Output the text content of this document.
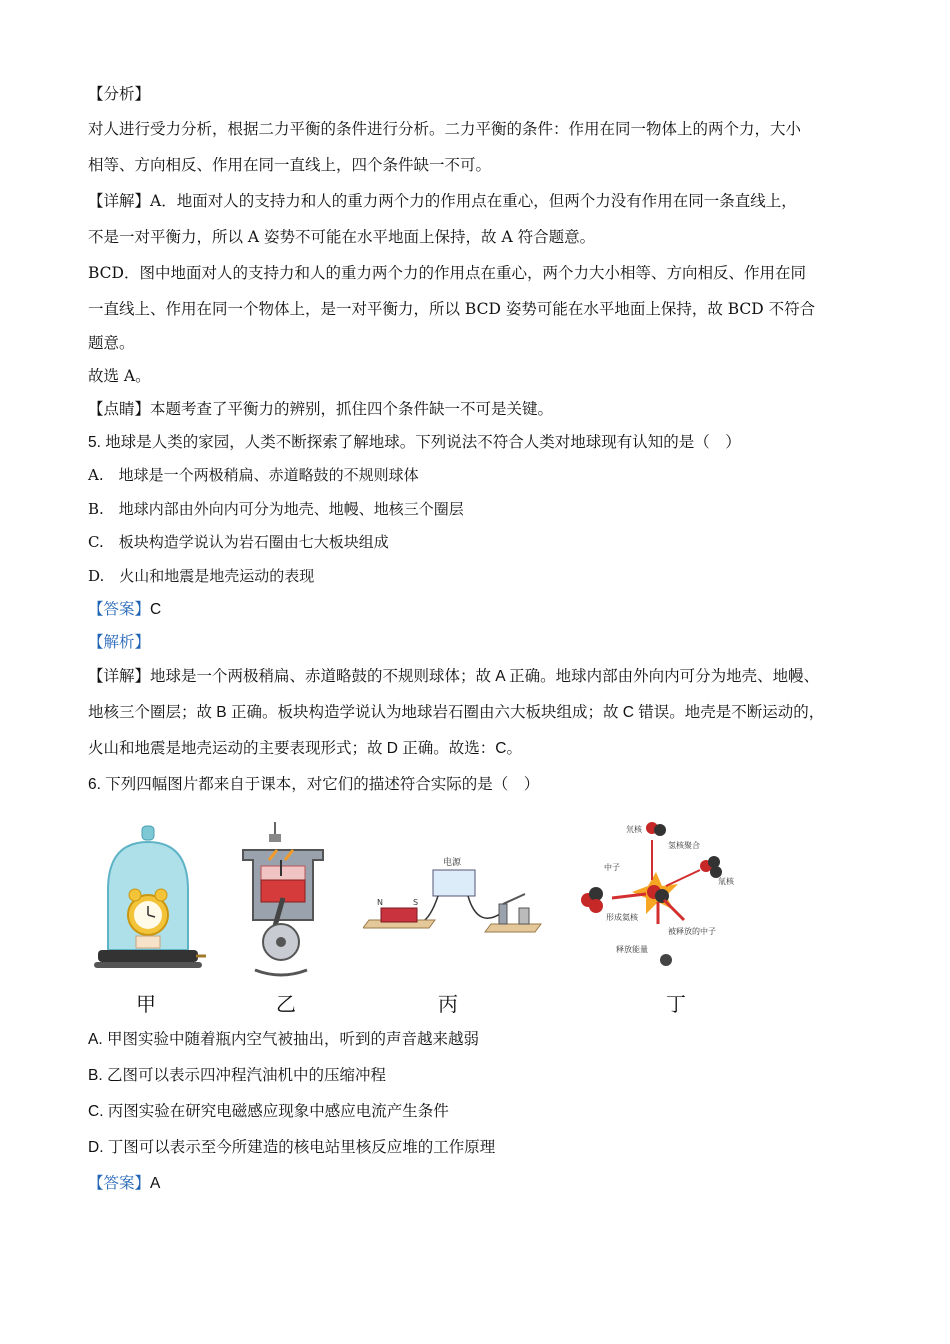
【分析】
对人进行受力分析，根据二力平衡的条件进行分析。二力平衡的条件：作用在同一物体上的两个力，大小
相等、方向相反、作用在同一直线上，四个条件缺一不可。
【详解】A．地面对人的支持力和人的重力两个力的作用点在重心，但两个力没有作用在同一条直线上，
不是一对平衡力，所以 A 姿势不可能在水平地面上保持，故 A 符合题意。
BCD．图中地面对人的支持力和人的重力两个力的作用点在重心，两个力大小相等、方向相反、作用在同
一直线上、作用在同一个物体上，是一对平衡力，所以 BCD 姿势可能在水平地面上保持，故 BCD 不符合
题意。
故选 A。
【点睛】本题考查了平衡力的辨别，抓住四个条件缺一不可是关键。
5. 地球是人类的家园，人类不断探索了解地球。下列说法不符合人类对地球现有认知的是（　）
A.　地球是一个两极稍扁、赤道略鼓的不规则球体
B.　地球内部由外向内可分为地壳、地幔、地核三个圈层
C.　板块构造学说认为岩石圈由七大板块组成
D.　火山和地震是地壳运动的表现
【答案】C
【解析】
【详解】地球是一个两极稍扁、赤道略鼓的不规则球体；故 A 正确。地球内部由外向内可分为地壳、地幔、
地核三个圈层；故 B 正确。板块构造学说认为地球岩石圈由六大板块组成；故 C 错误。地壳是不断运动的，
火山和地震是地壳运动的主要表现形式；故 D 正确。故选：C。
6. 下列四幅图片都来自于课本，对它们的描述符合实际的是（　）
甲	乙
电源
N	S
丙
氘核
氢核聚合
氚核
中子
形成氦核
被释放的中子
释放能量
丁
A. 甲图实验中随着瓶内空气被抽出，听到的声音越来越弱
B. 乙图可以表示四冲程汽油机中的压缩冲程
C. 丙图实验在研究电磁感应现象中感应电流产生条件
D. 丁图可以表示至今所建造的核电站里核反应堆的工作原理
【答案】A
